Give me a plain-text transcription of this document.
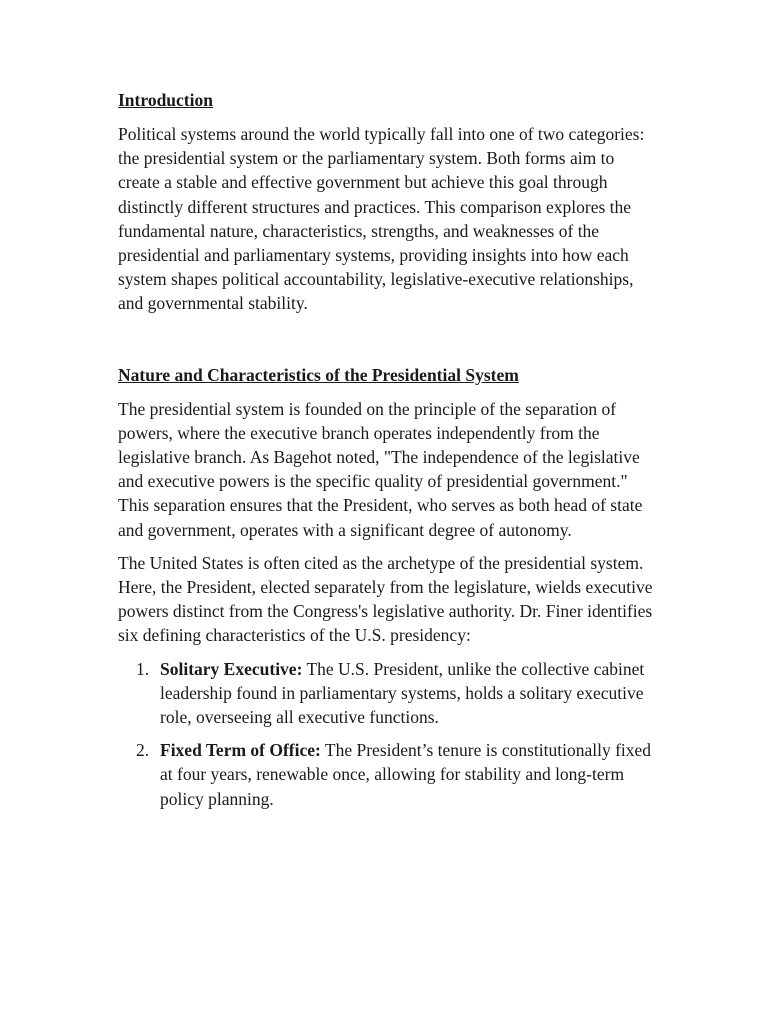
Introduction

Political systems around the world typically fall into one of two categories: the presidential system or the parliamentary system. Both forms aim to create a stable and effective government but achieve this goal through distinctly different structures and practices. This comparison explores the fundamental nature, characteristics, strengths, and weaknesses of the presidential and parliamentary systems, providing insights into how each system shapes political accountability, legislative-executive relationships, and governmental stability.

Nature and Characteristics of the Presidential System

The presidential system is founded on the principle of the separation of powers, where the executive branch operates independently from the legislative branch. As Bagehot noted, "The independence of the legislative and executive powers is the specific quality of presidential government." This separation ensures that the President, who serves as both head of state and government, operates with a significant degree of autonomy.

The United States is often cited as the archetype of the presidential system. Here, the President, elected separately from the legislature, wields executive powers distinct from the Congress's legislative authority. Dr. Finer identifies six defining characteristics of the U.S. presidency:

1. Solitary Executive: The U.S. President, unlike the collective cabinet leadership found in parliamentary systems, holds a solitary executive role, overseeing all executive functions.
2. Fixed Term of Office: The President’s tenure is constitutionally fixed at four years, renewable once, allowing for stability and long-term policy planning.
